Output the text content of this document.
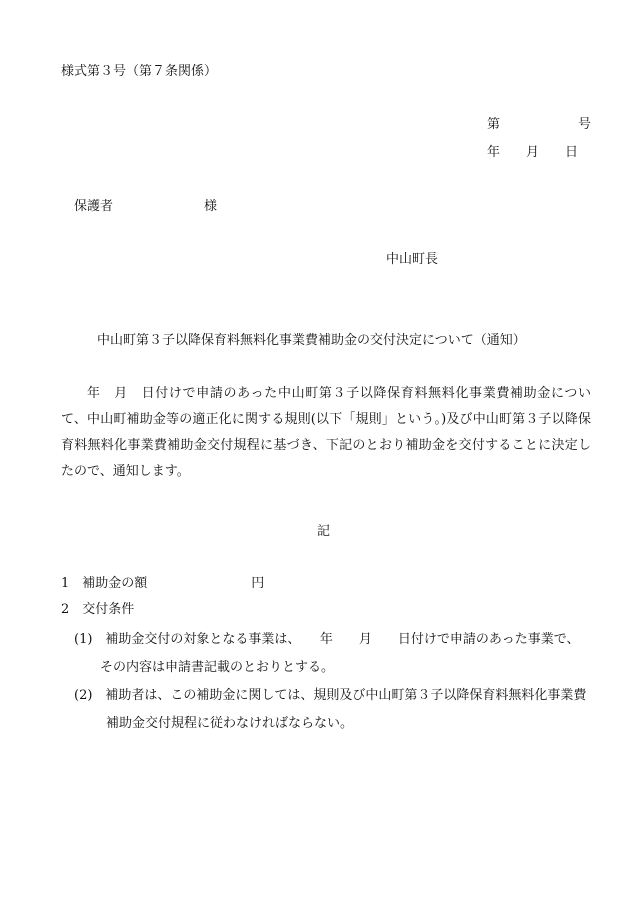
様式第３号（第７条関係）
第　　　　　　号
年　　月　　日
保護者　　　　　　　様
中山町長
中山町第３子以降保育料無料化事業費補助金の交付決定について（通知）
年　月　日付けで申請のあった中山町第３子以降保育料無料化事業費補助金について、中山町補助金等の適正化に関する規則(以下「規則」という。)及び中山町第３子以降保育料無料化事業費補助金交付規程に基づき、下記のとおり補助金を交付することに決定したので、通知します。
記
1　補助金の額　　　　　　　　円
2　交付条件
(1)　補助金交付の対象となる事業は、　　年　　月　　日付けで申請のあった事業で、その内容は申請書記載のとおりとする。
(2)　補助者は、この補助金に関しては、規則及び中山町第３子以降保育料無料化事業費補助金交付規程に従わなければならない。
